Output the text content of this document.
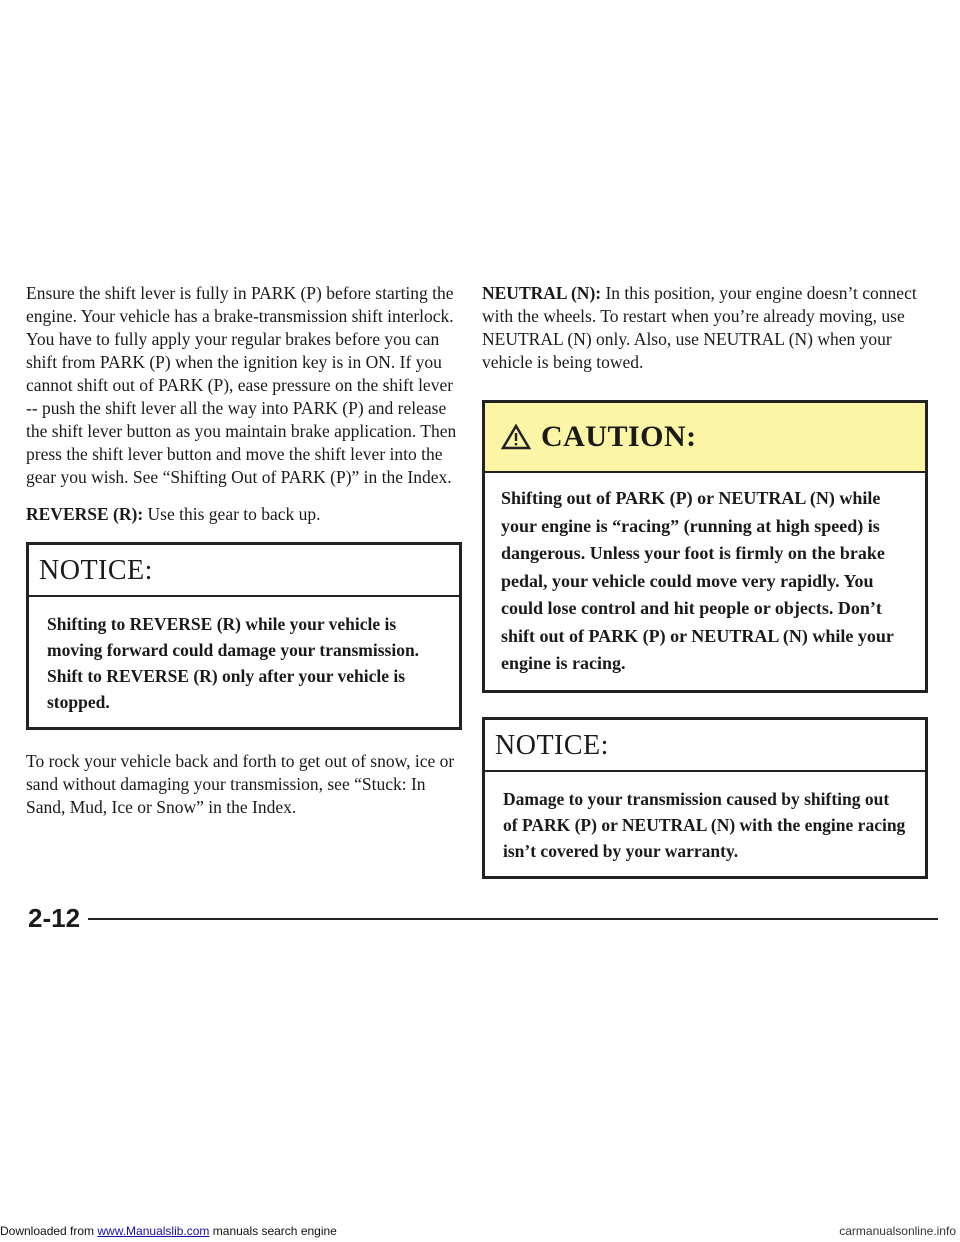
Ensure the shift lever is fully in PARK (P) before starting the engine. Your vehicle has a brake-transmission shift interlock. You have to fully apply your regular brakes before you can shift from PARK (P) when the ignition key is in ON. If you cannot shift out of PARK (P), ease pressure on the shift lever -- push the shift lever all the way into PARK (P) and release the shift lever button as you maintain brake application. Then press the shift lever button and move the shift lever into the gear you wish. See “Shifting Out of PARK (P)” in the Index.

REVERSE (R): Use this gear to back up.

NOTICE:
Shifting to REVERSE (R) while your vehicle is moving forward could damage your transmission. Shift to REVERSE (R) only after your vehicle is stopped.

To rock your vehicle back and forth to get out of snow, ice or sand without damaging your transmission, see “Stuck: In Sand, Mud, Ice or Snow” in the Index.

NEUTRAL (N): In this position, your engine doesn’t connect with the wheels. To restart when you’re already moving, use NEUTRAL (N) only. Also, use NEUTRAL (N) when your vehicle is being towed.

CAUTION:
Shifting out of PARK (P) or NEUTRAL (N) while your engine is “racing” (running at high speed) is dangerous. Unless your foot is firmly on the brake pedal, your vehicle could move very rapidly. You could lose control and hit people or objects. Don’t shift out of PARK (P) or NEUTRAL (N) while your engine is racing.
NOTICE:
Damage to your transmission caused by shifting out of PARK (P) or NEUTRAL (N) with the engine racing isn’t covered by your warranty.
2-12
Downloaded from www.Manualslib.com manuals search engine	carmanualsonline.info
